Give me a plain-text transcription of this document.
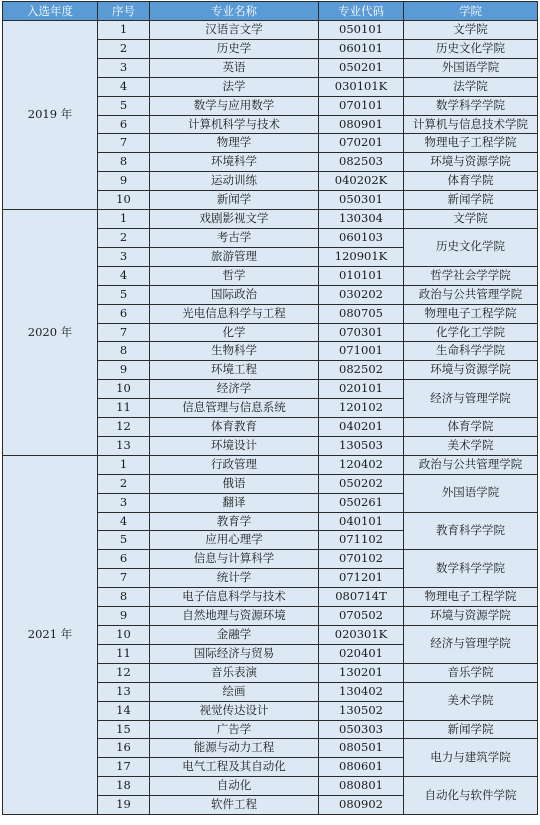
入选年度	序号	专业名称	专业代码	学院
2019 年	1	汉语言文学	050101	文学院
	2	历史学	060101	历史文化学院
	3	英语	050201	外国语学院
	4	法学	030101K	法学院
	5	数学与应用数学	070101	数学科学学院
	6	计算机科学与技术	080901	计算机与信息技术学院
	7	物理学	070201	物理电子工程学院
	8	环境科学	082503	环境与资源学院
	9	运动训练	040202K	体育学院
	10	新闻学	050301	新闻学院
2020 年	1	戏剧影视文学	130304	文学院
	2	考古学	060103	历史文化学院
	3	旅游管理	120901K	
	4	哲学	010101	哲学社会学学院
	5	国际政治	030202	政治与公共管理学院
	6	光电信息科学与工程	080705	物理电子工程学院
	7	化学	070301	化学化工学院
	8	生物科学	071001	生命科学学院
	9	环境工程	082502	环境与资源学院
	10	经济学	020101	经济与管理学院
	11	信息管理与信息系统	120102	
	12	体育教育	040201	体育学院
	13	环境设计	130503	美术学院
2021 年	1	行政管理	120402	政治与公共管理学院
	2	俄语	050202	外国语学院
	3	翻译	050261	
	4	教育学	040101	教育科学学院
	5	应用心理学	071102	
	6	信息与计算科学	070102	数学科学学院
	7	统计学	071201	
	8	电子信息科学与技术	080714T	物理电子工程学院
	9	自然地理与资源环境	070502	环境与资源学院
	10	金融学	020301K	经济与管理学院
	11	国际经济与贸易	020401	
	12	音乐表演	130201	音乐学院
	13	绘画	130402	美术学院
	14	视觉传达设计	130502	
	15	广告学	050303	新闻学院
	16	能源与动力工程	080501	电力与建筑学院
	17	电气工程及其自动化	080601	
	18	自动化	080801	自动化与软件学院
	19	软件工程	080902	
